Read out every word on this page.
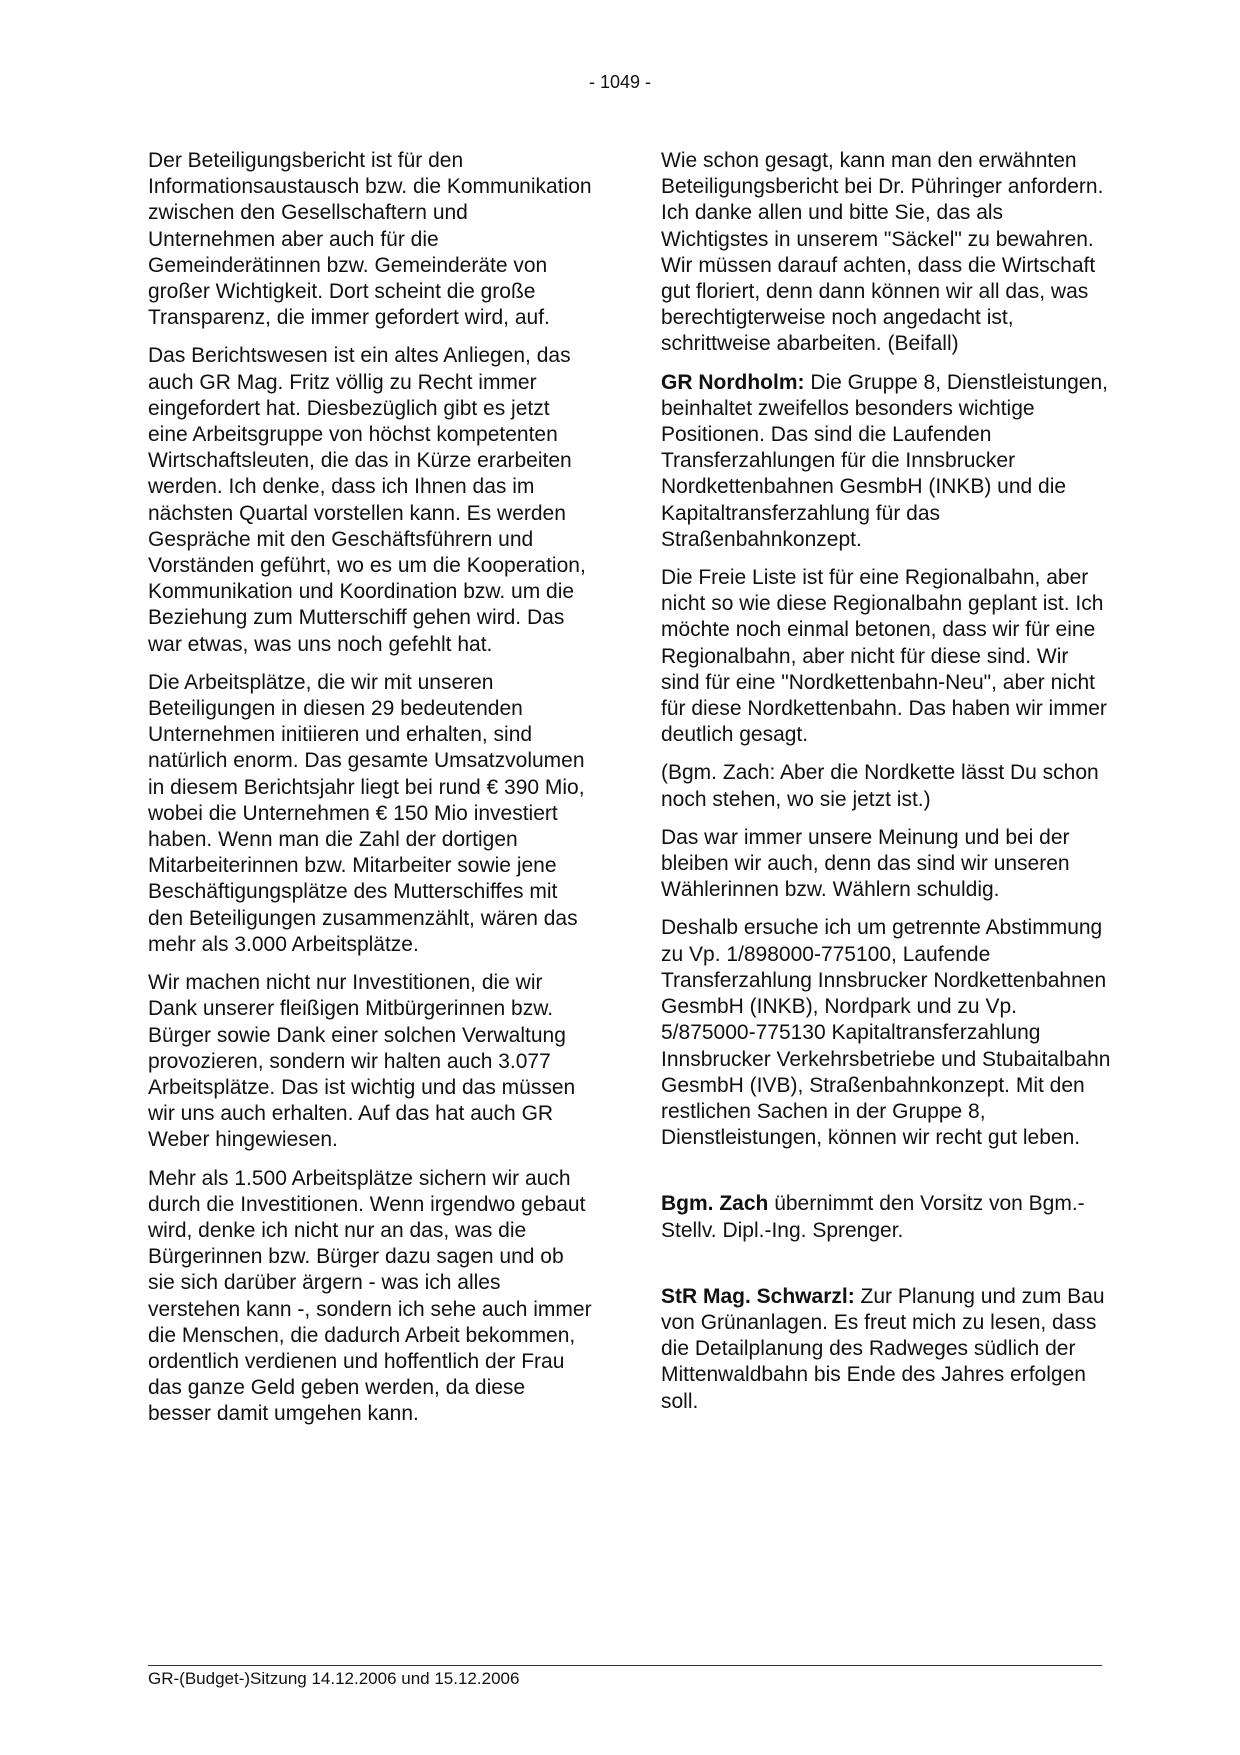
- 1049 -

Der Beteiligungsbericht ist für den Informationsaustausch bzw. die Kommunikation zwischen den Gesellschaftern und Unternehmen aber auch für die Gemeinderätinnen bzw. Gemeinderäte von großer Wichtigkeit. Dort scheint die große Transparenz, die immer gefordert wird, auf.

Das Berichtswesen ist ein altes Anliegen, das auch GR Mag. Fritz völlig zu Recht immer eingefordert hat. Diesbezüglich gibt es jetzt eine Arbeitsgruppe von höchst kompetenten Wirtschaftsleuten, die das in Kürze erarbeiten werden. Ich denke, dass ich Ihnen das im nächsten Quartal vorstellen kann. Es werden Gespräche mit den Geschäftsführern und Vorständen geführt, wo es um die Kooperation, Kommunikation und Koordination bzw. um die Beziehung zum Mutterschiff gehen wird. Das war etwas, was uns noch gefehlt hat.

Die Arbeitsplätze, die wir mit unseren Beteiligungen in diesen 29 bedeutenden Unternehmen initiieren und erhalten, sind natürlich enorm. Das gesamte Umsatzvolumen in diesem Berichtsjahr liegt bei rund € 390 Mio, wobei die Unternehmen € 150 Mio investiert haben. Wenn man die Zahl der dortigen Mitarbeiterinnen bzw. Mitarbeiter sowie jene Beschäftigungsplätze des Mutterschiffes mit den Beteiligungen zusammenzählt, wären das mehr als 3.000 Arbeitsplätze.

Wir machen nicht nur Investitionen, die wir Dank unserer fleißigen Mitbürgerinnen bzw. Bürger sowie Dank einer solchen Verwaltung provozieren, sondern wir halten auch 3.077 Arbeitsplätze. Das ist wichtig und das müssen wir uns auch erhalten. Auf das hat auch GR Weber hingewiesen.

Mehr als 1.500 Arbeitsplätze sichern wir auch durch die Investitionen. Wenn irgendwo gebaut wird, denke ich nicht nur an das, was die Bürgerinnen bzw. Bürger dazu sagen und ob sie sich darüber ärgern - was ich alles verstehen kann -, sondern ich sehe auch immer die Menschen, die dadurch Arbeit bekommen, ordentlich verdienen und hoffentlich der Frau das ganze Geld geben werden, da diese besser damit umgehen kann.

Wie schon gesagt, kann man den erwähnten Beteiligungsbericht bei Dr. Pühringer anfordern. Ich danke allen und bitte Sie, das als Wichtigstes in unserem "Säckel" zu bewahren. Wir müssen darauf achten, dass die Wirtschaft gut floriert, denn dann können wir all das, was berechtigterweise noch angedacht ist, schrittweise abarbeiten. (Beifall)

GR Nordholm: Die Gruppe 8, Dienstleistungen, beinhaltet zweifellos besonders wichtige Positionen. Das sind die Laufenden Transferzahlungen für die Innsbrucker Nordkettenbahnen GesmbH (INKB) und die Kapitaltransferzahlung für das Straßenbahnkonzept.

Die Freie Liste ist für eine Regionalbahn, aber nicht so wie diese Regionalbahn geplant ist. Ich möchte noch einmal betonen, dass wir für eine Regionalbahn, aber nicht für diese sind. Wir sind für eine "Nordkettenbahn-Neu", aber nicht für diese Nordkettenbahn. Das haben wir immer deutlich gesagt.

(Bgm. Zach: Aber die Nordkette lässt Du schon noch stehen, wo sie jetzt ist.)

Das war immer unsere Meinung und bei der bleiben wir auch, denn das sind wir unseren Wählerinnen bzw. Wählern schuldig.

Deshalb ersuche ich um getrennte Abstimmung zu Vp. 1/898000-775100, Laufende Transferzahlung Innsbrucker Nordkettenbahnen GesmbH (INKB), Nordpark und zu Vp. 5/875000-775130 Kapitaltransferzahlung Innsbrucker Verkehrsbetriebe und Stubaitalbahn GesmbH (IVB), Straßenbahnkonzept. Mit den restlichen Sachen in der Gruppe 8, Dienstleistungen, können wir recht gut leben.

Bgm. Zach übernimmt den Vorsitz von Bgm.-Stellv. Dipl.-Ing. Sprenger.

StR Mag. Schwarzl: Zur Planung und zum Bau von Grünanlagen. Es freut mich zu lesen, dass die Detailplanung des Radweges südlich der Mittenwaldbahn bis Ende des Jahres erfolgen soll.

GR-(Budget-)Sitzung 14.12.2006 und 15.12.2006
